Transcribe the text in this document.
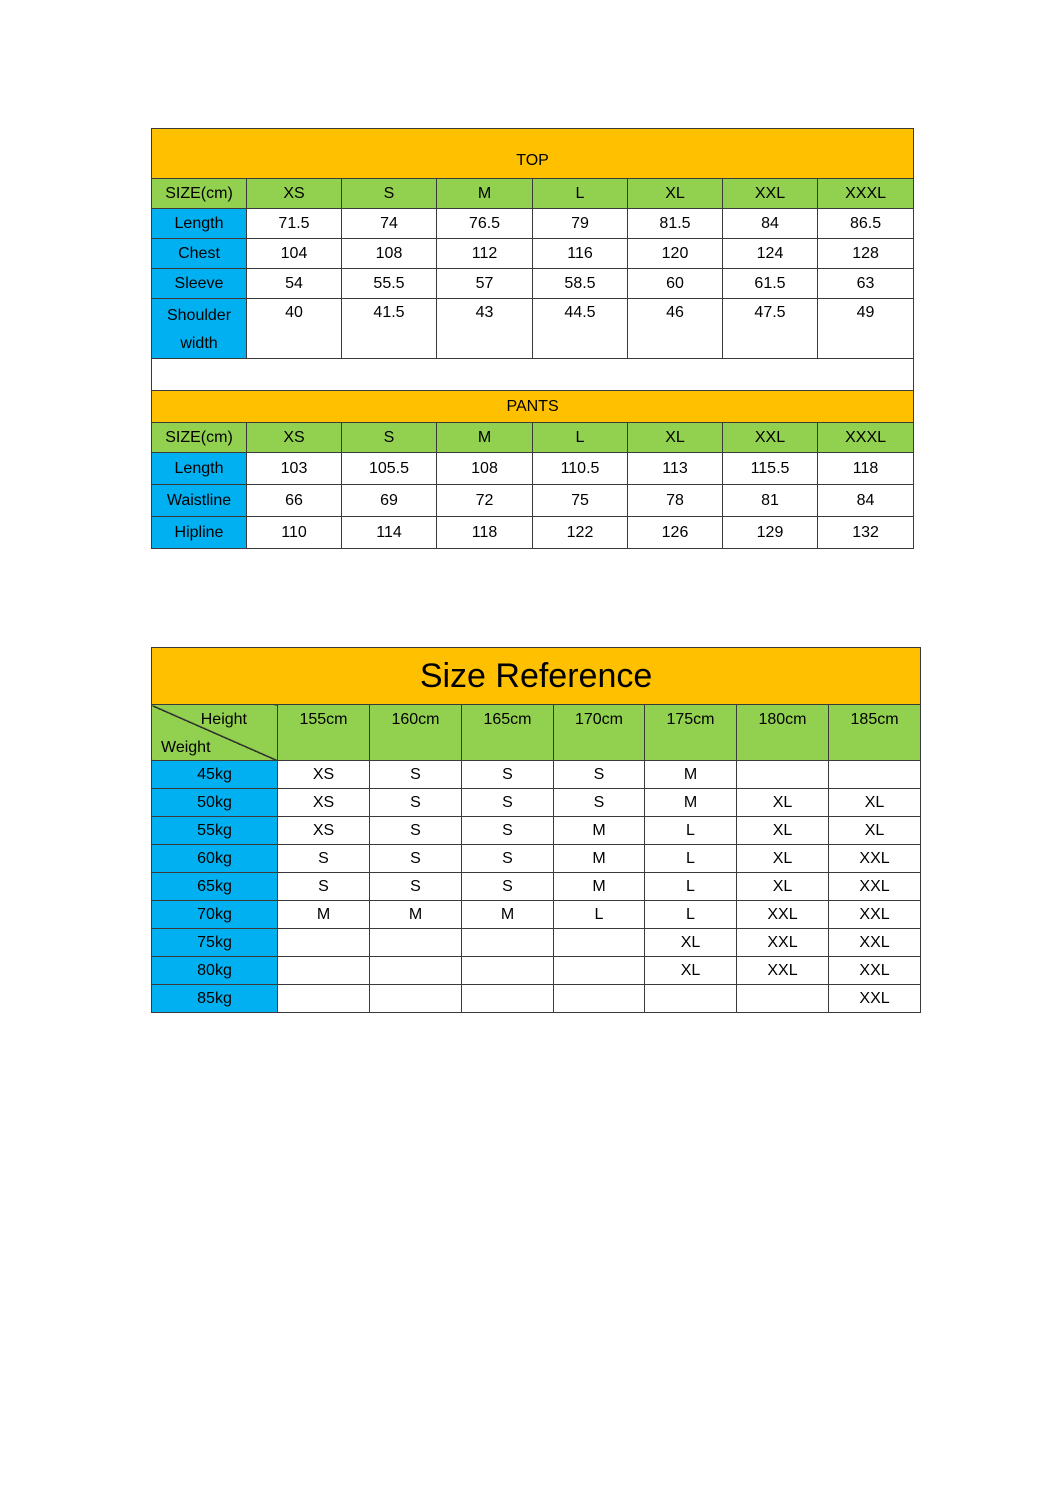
TOP							
SIZE(cm)	XS	S	M	L	XL	XXL	XXXL
Length	71.5	74	76.5	79	81.5	84	86.5
Chest	104	108	112	116	120	124	128
Sleeve	54	55.5	57	58.5	60	61.5	63
Shoulder width	40	41.5	43	44.5	46	47.5	49

PANTS							
SIZE(cm)	XS	S	M	L	XL	XXL	XXXL
Length	103	105.5	108	110.5	113	115.5	118
Waistline	66	69	72	75	78	81	84
Hipline	110	114	118	122	126	129	132
Size Reference							

Height
Weight	155cm	160cm	165cm	170cm	175cm	180cm	185cm
45kg	XS	S	S	S	M		
50kg	XS	S	S	S	M	XL	XL
55kg	XS	S	S	M	L	XL	XL
60kg	S	S	S	M	L	XL	XXL
65kg	S	S	S	M	L	XL	XXL
70kg	M	M	M	L	L	XXL	XXL
75kg					XL	XXL	XXL
80kg					XL	XXL	XXL
85kg							XXL
